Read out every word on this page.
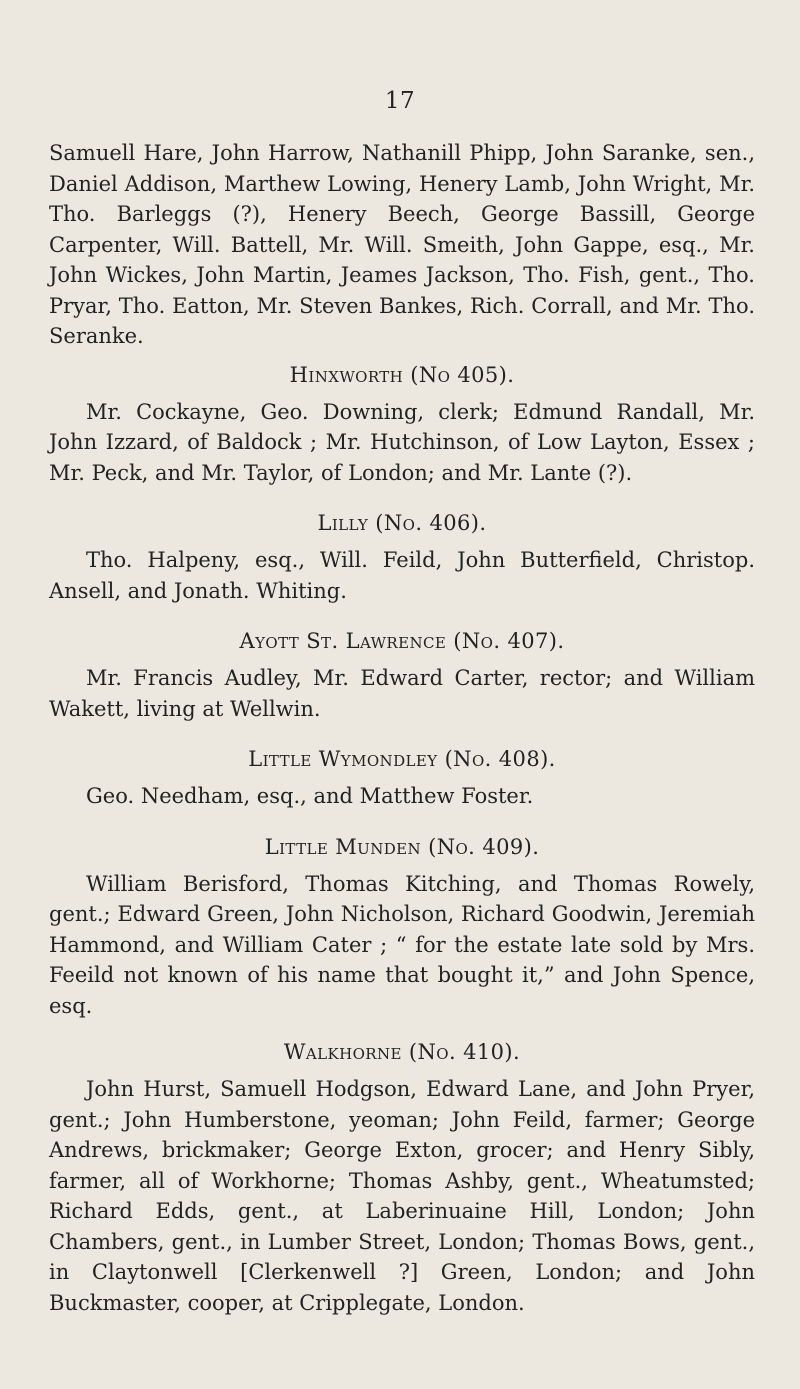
17

Samuell Hare, John Harrow, Nathanill Phipp, John Saranke, sen., Daniel Addison, Marthew Lowing, Henery Lamb, John Wright, Mr. Tho. Barleggs (?), Henery Beech, George Bassill, George Carpenter, Will. Battell, Mr. Will. Smeith, John Gappe, esq., Mr. John Wickes, John Martin, Jeames Jackson, Tho. Fish, gent., Tho. Pryar, Tho. Eatton, Mr. Steven Bankes, Rich. Corrall, and Mr. Tho. Seranke.

Hinxworth (No 405).

Mr. Cockayne, Geo. Downing, clerk; Edmund Randall, Mr. John Izzard, of Baldock ; Mr. Hutchinson, of Low Layton, Essex ; Mr. Peck, and Mr. Taylor, of London; and Mr. Lante (?).

Lilly (No. 406).

Tho. Halpeny, esq., Will. Feild, John Butterfield, Christop. Ansell, and Jonath. Whiting.

Ayott St. Lawrence (No. 407).

Mr. Francis Audley, Mr. Edward Carter, rector; and William Wakett, living at Wellwin.

Little Wymondley (No. 408).

Geo. Needham, esq., and Matthew Foster.

Little Munden (No. 409).

William Berisford, Thomas Kitching, and Thomas Rowely, gent.; Edward Green, John Nicholson, Richard Goodwin, Jeremiah Hammond, and William Cater ; “ for the estate late sold by Mrs. Feeild not known of his name that bought it,” and John Spence, esq.

Walkhorne (No. 410).

John Hurst, Samuell Hodgson, Edward Lane, and John Pryer, gent.; John Humberstone, yeoman; John Feild, farmer; George Andrews, brickmaker; George Exton, grocer; and Henry Sibly, farmer, all of Workhorne; Thomas Ashby, gent., Wheatumsted; Richard Edds, gent., at Laberinuaine Hill, London; John Chambers, gent., in Lumber Street, London; Thomas Bows, gent., in Claytonwell [Clerkenwell ?] Green, London; and John Buckmaster, cooper, at Cripplegate, London.
